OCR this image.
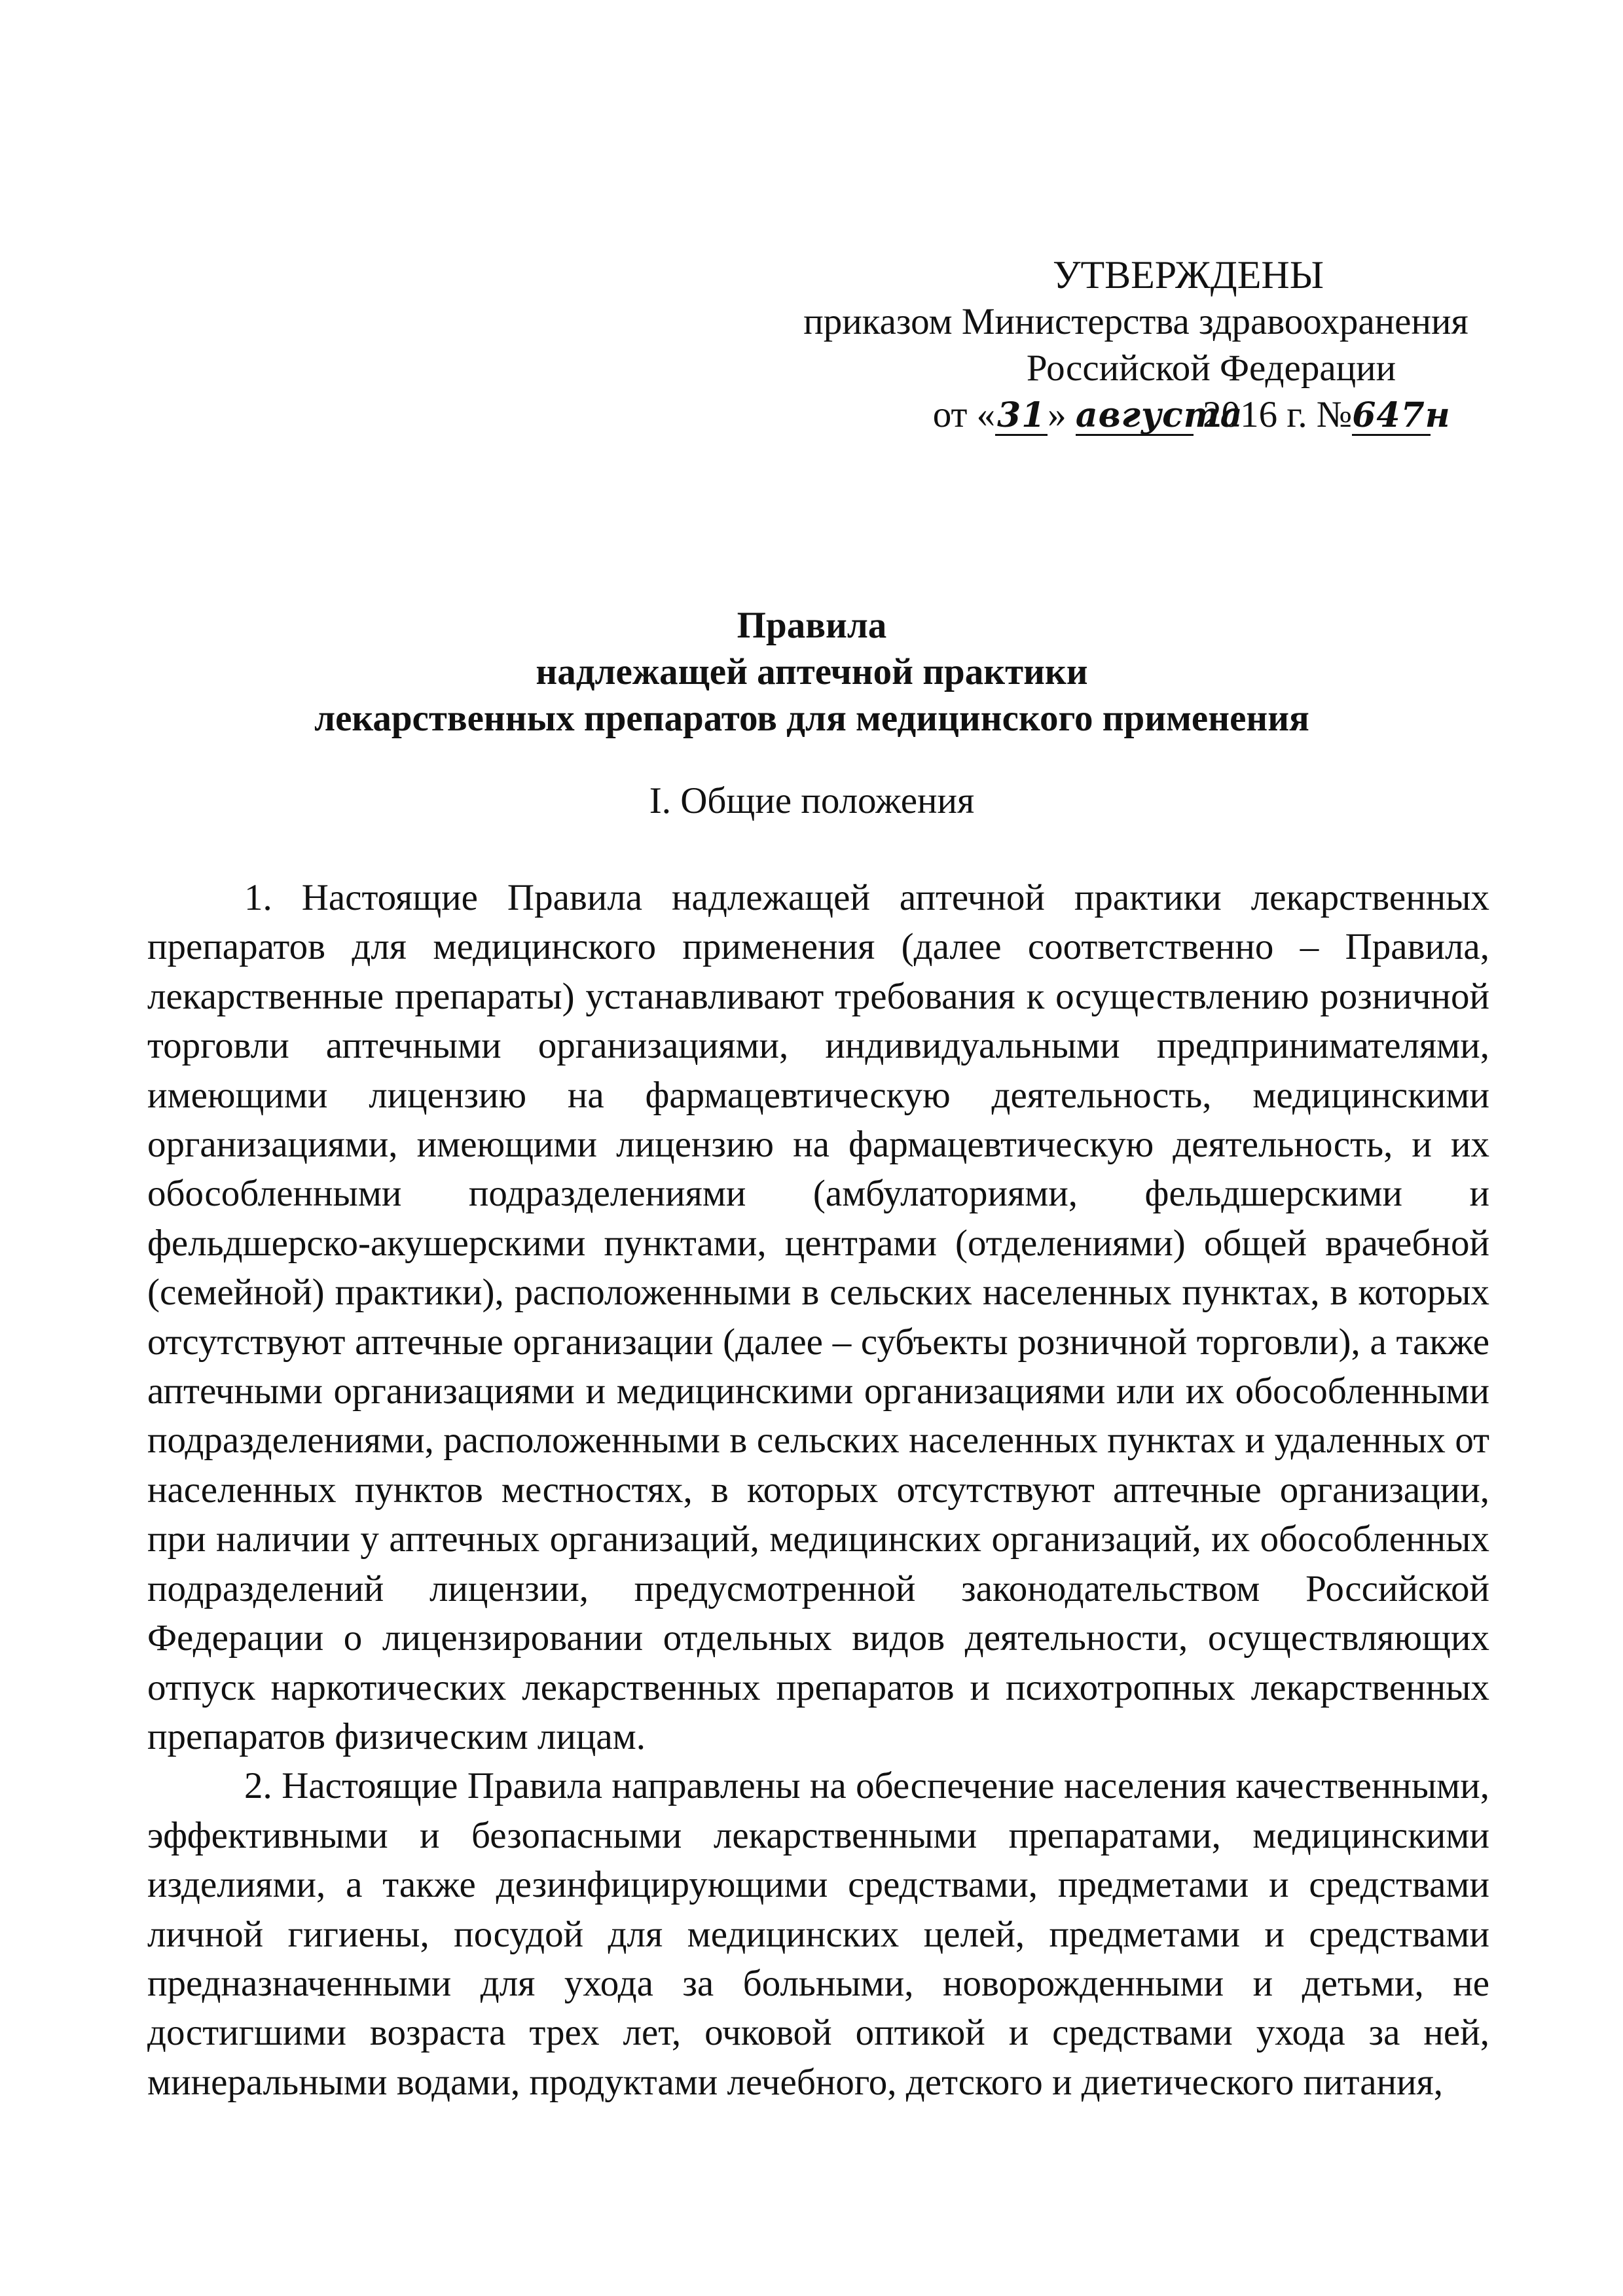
УТВЕРЖДЕНЫ
приказом Министерства здравоохранения
Российской Федерации
от «31» августа 2016 г. №647н
Правила
надлежащей аптечной практики
лекарственных препаратов для медицинского применения
I. Общие положения

1. Настоящие Правила надлежащей аптечной практики лекарственных препаратов для медицинского применения (далее соответственно – Правила, лекарственные препараты) устанавливают требования к осуществлению розничной торговли аптечными организациями, индивидуальными предпринимателями, имеющими лицензию на фармацевтическую деятельность, медицинскими организациями, имеющими лицензию на фармацевтическую деятельность, и их обособленными подразделениями (амбулаториями, фельдшерскими и фельдшерско-акушерскими пунктами, центрами (отделениями) общей врачебной (семейной) практики), расположенными в сельских населенных пунктах, в которых отсутствуют аптечные организации (далее – субъекты розничной торговли), а также аптечными организациями и медицинскими организациями или их обособленными подразделениями, расположенными в сельских населенных пунктах и удаленных от населенных пунктов местностях, в которых отсутствуют аптечные организации, при наличии у аптечных организаций, медицинских организаций, их обособленных подразделений лицензии, предусмотренной законодательством Российской Федерации о лицензировании отдельных видов деятельности, осуществляющих отпуск наркотических лекарственных препаратов и психотропных лекарственных препаратов физическим лицам.

2. Настоящие Правила направлены на обеспечение населения качественными, эффективными и безопасными лекарственными препаратами, медицинскими изделиями, а также дезинфицирующими средствами, предметами и средствами личной гигиены, посудой для медицинских целей, предметами и средствами предназначенными для ухода за больными, новорожденными и детьми, не достигшими возраста трех лет, очковой оптикой и средствами ухода за ней, минеральными водами, продуктами лечебного, детского и диетического питания,
